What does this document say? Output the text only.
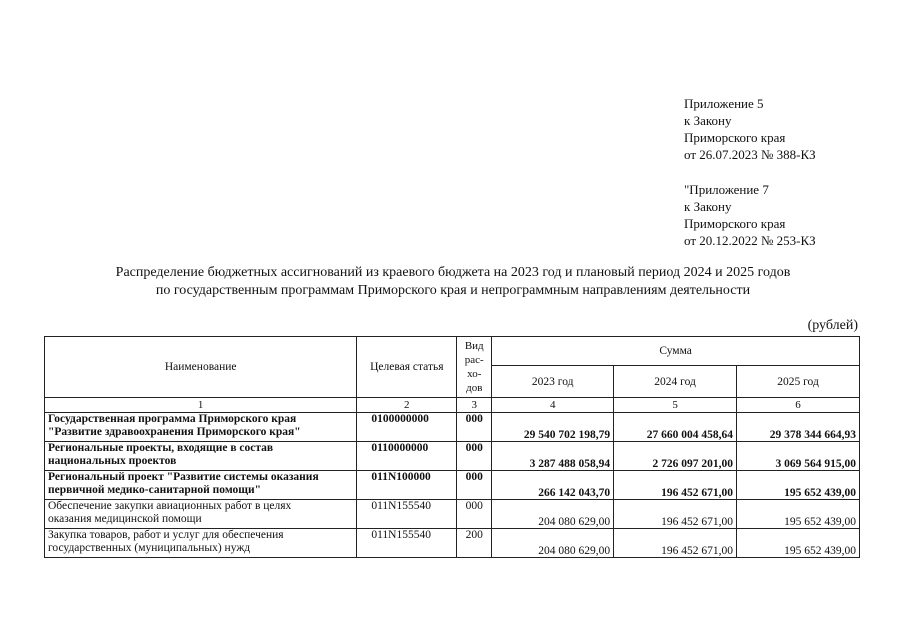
Приложение 5
к Закону
Приморского края
от 26.07.2023 № 388-КЗ
"Приложение 7
к Закону
Приморского края
от 20.12.2022 № 253-КЗ
Распределение бюджетных ассигнований из краевого бюджета на 2023 год и плановый период 2024 и 2025 годов
по государственным программам Приморского края и непрограммным направлениям деятельности
(рублей)
Наименование	Целевая статья	Вид
рас-
хо-
дов	Сумма		
			2023 год	2024 год	2025 год
1	2	3	4	5	6

Государственная программа Приморского края
"Развитие здравоохранения Приморского края"	0100000000	000	29 540 702 198,79	27 660 004 458,64	29 378 344 664,93

Региональные проекты, входящие в состав
национальных проектов	0110000000	000	3 287 488 058,94	2 726 097 201,00	3 069 564 915,00

Региональный проект "Развитие системы оказания
первичной медико-санитарной помощи"	011N100000	000	266 142 043,70	196 452 671,00	195 652 439,00

Обеспечение закупки авиационных работ в целях
оказания медицинской помощи	011N155540	000	204 080 629,00	196 452 671,00	195 652 439,00

Закупка товаров, работ и услуг для обеспечения
государственных (муниципальных) нужд	011N155540	200	204 080 629,00	196 452 671,00	195 652 439,00
